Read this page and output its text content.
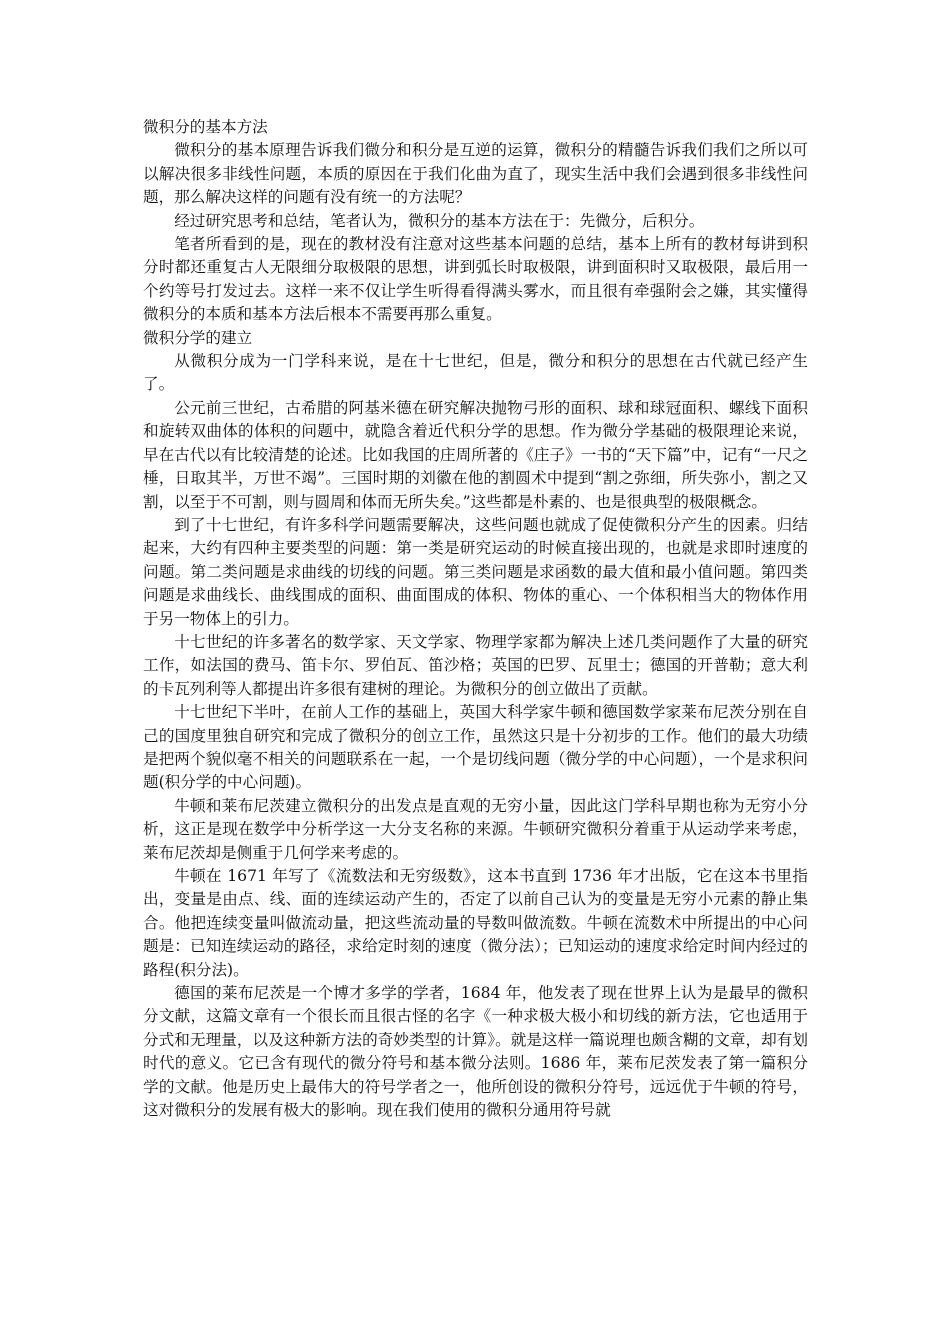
微积分的基本方法

微积分的基本原理告诉我们微分和积分是互逆的运算，微积分的精髓告诉我们我们之所以可以解决很多非线性问题，本质的原因在于我们化曲为直了，现实生活中我们会遇到很多非线性问题，那么解决这样的问题有没有统一的方法呢？

经过研究思考和总结，笔者认为，微积分的基本方法在于：先微分，后积分。

笔者所看到的是，现在的教材没有注意对这些基本问题的总结，基本上所有的教材每讲到积分时都还重复古人无限细分取极限的思想，讲到弧长时取极限，讲到面积时又取极限，最后用一个约等号打发过去。这样一来不仅让学生听得看得满头雾水，而且很有牵强附会之嫌，其实懂得微积分的本质和基本方法后根本不需要再那么重复。

微积分学的建立

从微积分成为一门学科来说，是在十七世纪，但是，微分和积分的思想在古代就已经产生了。

公元前三世纪，古希腊的阿基米德在研究解决抛物弓形的面积、球和球冠面积、螺线下面积和旋转双曲体的体积的问题中，就隐含着近代积分学的思想。作为微分学基础的极限理论来说，早在古代以有比较清楚的论述。比如我国的庄周所著的《庄子》一书的“天下篇”中，记有“一尺之棰，日取其半，万世不竭”。三国时期的刘徽在他的割圆术中提到“割之弥细，所失弥小，割之又割，以至于不可割，则与圆周和体而无所失矣。”这些都是朴素的、也是很典型的极限概念。

到了十七世纪，有许多科学问题需要解决，这些问题也就成了促使微积分产生的因素。归结起来，大约有四种主要类型的问题：第一类是研究运动的时候直接出现的，也就是求即时速度的问题。第二类问题是求曲线的切线的问题。第三类问题是求函数的最大值和最小值问题。第四类问题是求曲线长、曲线围成的面积、曲面围成的体积、物体的重心、一个体积相当大的物体作用于另一物体上的引力。

十七世纪的许多著名的数学家、天文学家、物理学家都为解决上述几类问题作了大量的研究工作，如法国的费马、笛卡尔、罗伯瓦、笛沙格；英国的巴罗、瓦里士；德国的开普勒；意大利的卡瓦列利等人都提出许多很有建树的理论。为微积分的创立做出了贡献。

十七世纪下半叶，在前人工作的基础上，英国大科学家牛顿和德国数学家莱布尼茨分别在自己的国度里独自研究和完成了微积分的创立工作，虽然这只是十分初步的工作。他们的最大功绩是把两个貌似毫不相关的问题联系在一起，一个是切线问题（微分学的中心问题），一个是求积问题(积分学的中心问题)。

牛顿和莱布尼茨建立微积分的出发点是直观的无穷小量，因此这门学科早期也称为无穷小分析，这正是现在数学中分析学这一大分支名称的来源。牛顿研究微积分着重于从运动学来考虑，莱布尼茨却是侧重于几何学来考虑的。

牛顿在 1671 年写了《流数法和无穷级数》，这本书直到 1736 年才出版，它在这本书里指出，变量是由点、线、面的连续运动产生的，否定了以前自己认为的变量是无穷小元素的静止集合。他把连续变量叫做流动量，把这些流动量的导数叫做流数。牛顿在流数术中所提出的中心问题是：已知连续运动的路径，求给定时刻的速度（微分法）；已知运动的速度求给定时间内经过的路程(积分法)。

德国的莱布尼茨是一个博才多学的学者，1684 年，他发表了现在世界上认为是最早的微积分文献，这篇文章有一个很长而且很古怪的名字《一种求极大极小和切线的新方法，它也适用于分式和无理量，以及这种新方法的奇妙类型的计算》。就是这样一篇说理也颇含糊的文章，却有划时代的意义。它已含有现代的微分符号和基本微分法则。1686 年，莱布尼茨发表了第一篇积分学的文献。他是历史上最伟大的符号学者之一，他所创设的微积分符号，远远优于牛顿的符号，这对微积分的发展有极大的影响。现在我们使用的微积分通用符号就
